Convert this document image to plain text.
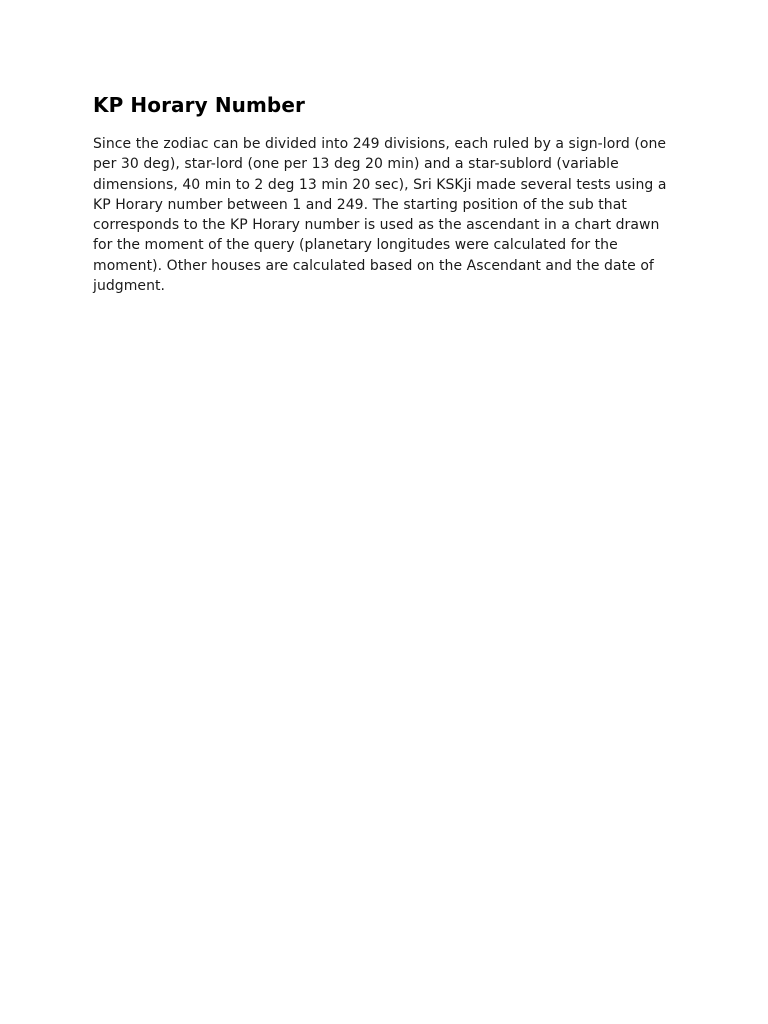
KP Horary Number

Since the zodiac can be divided into 249 divisions, each ruled by a sign-lord (one
per 30 deg), star-lord (one per 13 deg 20 min) and a star-sublord (variable
dimensions, 40 min to 2 deg 13 min 20 sec), Sri KSKji made several tests using a
KP Horary number between 1 and 249. The starting position of the sub that
corresponds to the KP Horary number is used as the ascendant in a chart drawn
for the moment of the query (planetary longitudes were calculated for the
moment). Other houses are calculated based on the Ascendant and the date of
judgment.
